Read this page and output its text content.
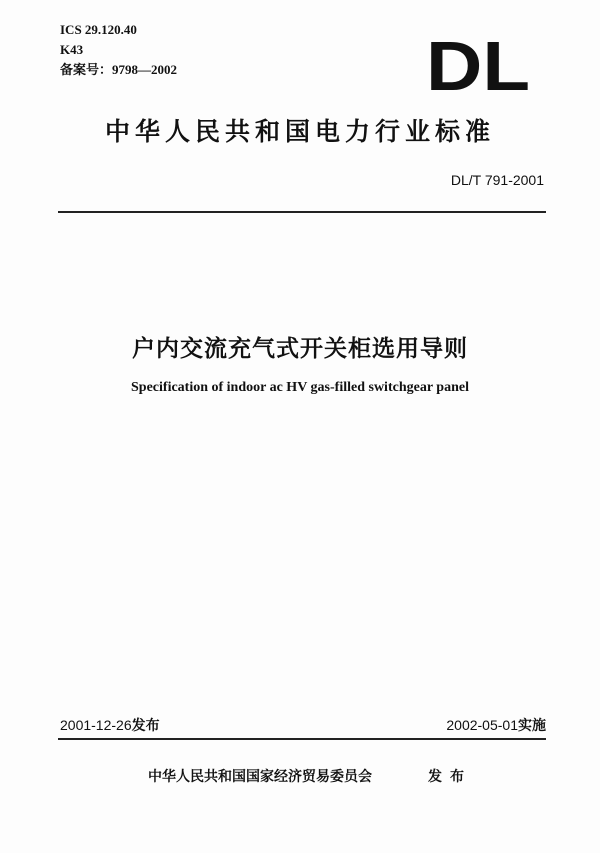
ICS 29.120.40
K43
备案号：9798—2002	DL
中华人民共和国电力行业标准
DL/T 791-2001
户内交流充气式开关柜选用导则
Specification of indoor ac HV gas-filled switchgear panel
2001-12-26发布	2002-05-01实施
中华人民共和国国家经济贸易委员会	发布
